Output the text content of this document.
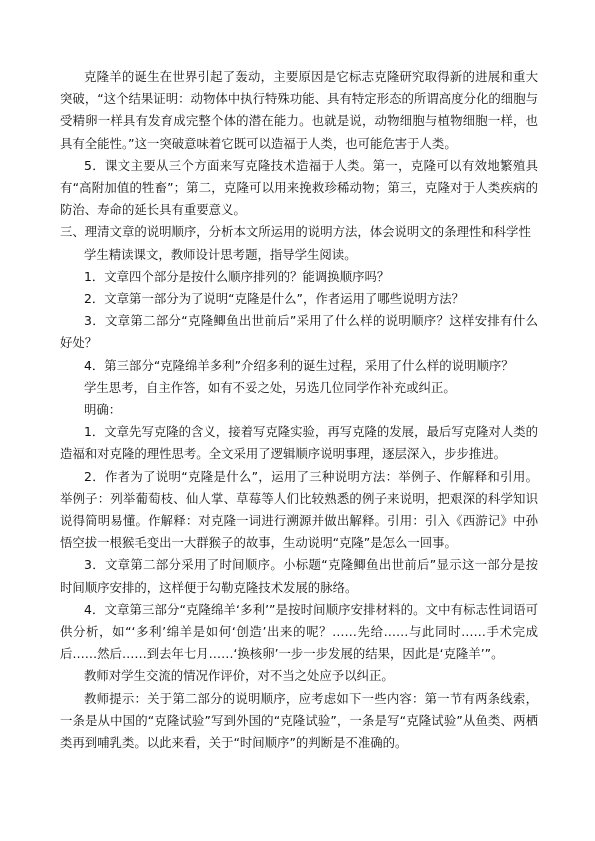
克隆羊的诞生在世界引起了轰动，主要原因是它标志克隆研究取得新的进展和重大突破，“这个结果证明：动物体中执行特殊功能、具有特定形态的所谓高度分化的细胞与受精卵一样具有发育成完整个体的潜在能力。也就是说，动物细胞与植物细胞一样，也具有全能性。”这一突破意味着它既可以造福于人类，也可能危害于人类。

5．课文主要从三个方面来写克隆技术造福于人类。第一，克隆可以有效地繁殖具有“高附加值的牲畜”；第二，克隆可以用来挽救珍稀动物；第三，克隆对于人类疾病的防治、寿命的延长具有重要意义。

三、理清文章的说明顺序，分析本文所运用的说明方法，体会说明文的条理性和科学性

学生精读课文，教师设计思考题，指导学生阅读。

1．文章四个部分是按什么顺序排列的？能调换顺序吗？

2．文章第一部分为了说明“克隆是什么”，作者运用了哪些说明方法？

3．文章第二部分“克隆鲫鱼出世前后”采用了什么样的说明顺序？这样安排有什么好处？

4．第三部分“克隆绵羊多利”介绍多利的诞生过程，采用了什么样的说明顺序？

学生思考，自主作答，如有不妥之处，另选几位同学作补充或纠正。

明确：

1．文章先写克隆的含义，接着写克隆实验，再写克隆的发展，最后写克隆对人类的造福和对克隆的理性思考。全文采用了逻辑顺序说明事理，逐层深入，步步推进。

2．作者为了说明“克隆是什么”，运用了三种说明方法：举例子、作解释和引用。举例子：列举葡萄枝、仙人掌、草莓等人们比较熟悉的例子来说明，把艰深的科学知识说得简明易懂。作解释：对克隆一词进行溯源并做出解释。引用：引入《西游记》中孙悟空拔一根猴毛变出一大群猴子的故事，生动说明“克隆”是怎么一回事。

3．文章第二部分采用了时间顺序。小标题“克隆鲫鱼出世前后”显示这一部分是按时间顺序安排的，这样便于勾勒克隆技术发展的脉络。

4．文章第三部分“克隆绵羊‘多利’”是按时间顺序安排材料的。文中有标志性词语可供分析，如“‘多利’绵羊是如何‘创造’出来的呢？……先给……与此同时……手术完成后……然后……到去年七月……‘换核卵’一步一步发展的结果，因此是‘克隆羊’”。

教师对学生交流的情况作评价，对不当之处应予以纠正。

教师提示：关于第二部分的说明顺序，应考虑如下一些内容：第一节有两条线索，一条是从中国的“克隆试验”写到外国的“克隆试验”，一条是写“克隆试验”从鱼类、两栖类再到哺乳类。以此来看，关于“时间顺序”的判断是不准确的。
